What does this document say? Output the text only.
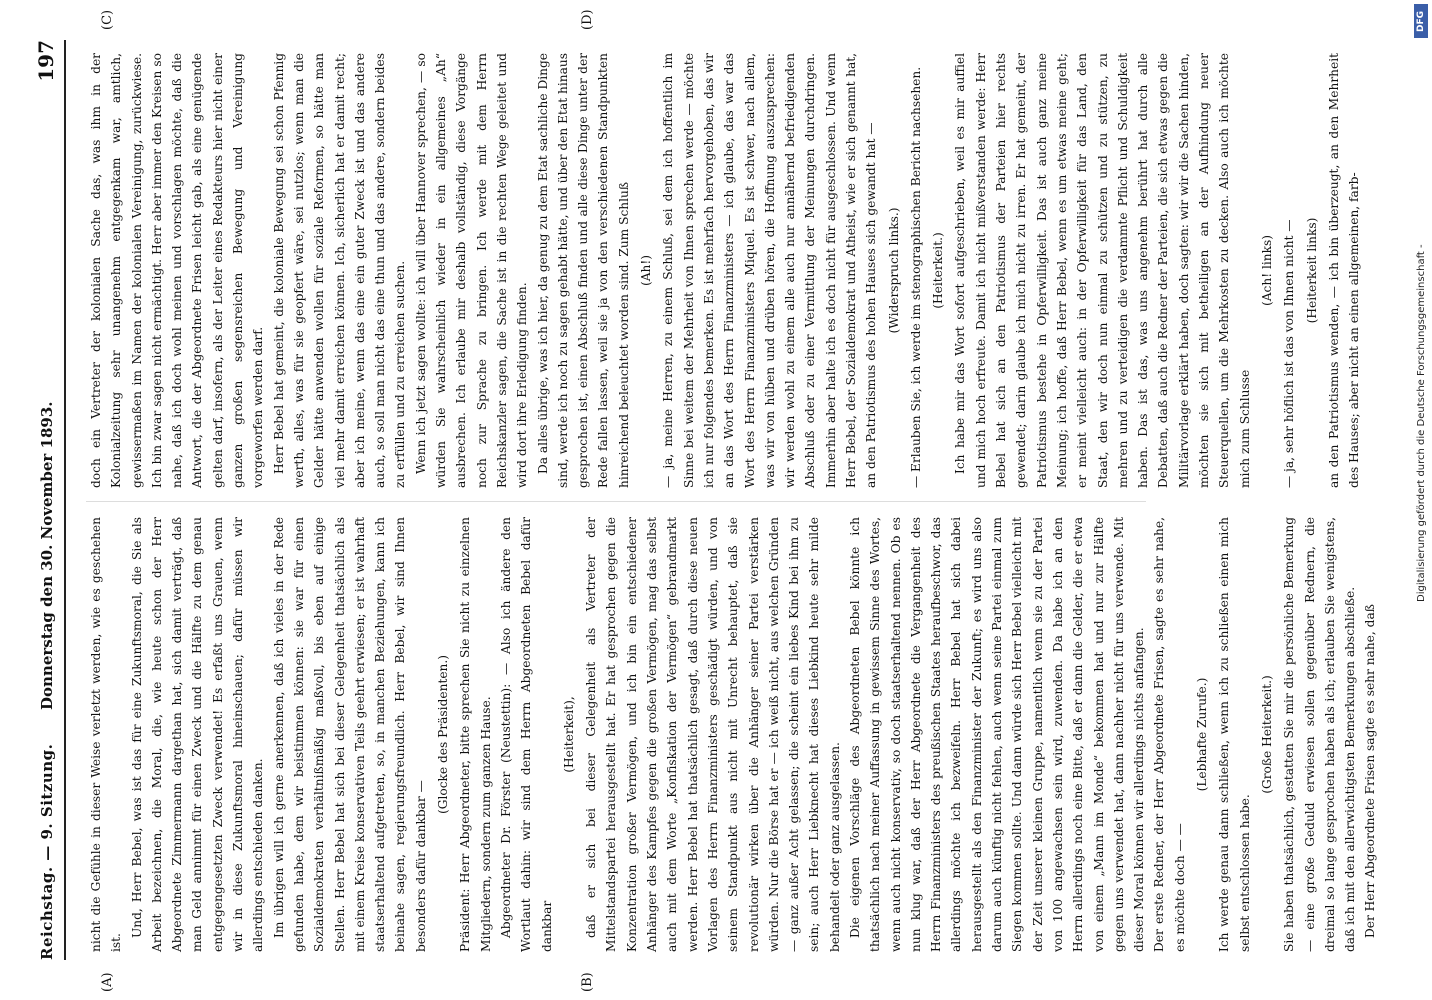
Reichstag. — 9. Sitzung.
Donnerstag den 30. November 1893.
197
(A)	(B)
(C)	(D)

nicht die Gefühle in dieser Weise verletzt werden, wie es geschehen ist.

Und, Herr Bebel, was ist das für eine Zukunftsmoral, die Sie als Arbeit bezeichnen, die Moral, die, wie heute schon der Herr Abgeordnete Zimmermann dargethan hat, sich damit verträgt, daß man Geld annimmt für einen Zweck und die Hälfte zu dem genau entgegengesetzten Zweck verwendet! Es erfaßt uns Grauen, wenn wir in diese Zukunftsmoral hineinschauen; dafür müssen wir allerdings entschieden danken. Im übrigen will ich gerne anerkennen, daß ich vieles in der Rede gefunden habe, dem wir beistimmen können: sie war für einen Sozialdemokraten verhältnißmäßig maßvoll, bis eben auf einige Stellen. Herr Bebel hat sich bei dieser Gelegenheit thatsächlich als mit einem Kreise konservativen Teils geehrt erwiesen; er ist wahrhaft staatserhaltend aufgetreten, so, in manchen Beziehungen, kann ich beinahe sagen, regierungsfreundlich. Herr Bebel, wir sind Ihnen besonders dafür dankbar —

(Glocke des Präsidenten.) Präsident: Herr Abgeordneter, bitte sprechen Sie nicht zu einzelnen Mitgliedern, sondern zum ganzen Hause. Abgeordneter Dr. Förster (Neustettin): — Also ich ändere den Wortlaut dahin: wir sind dem Herrn Abgeordneten Bebel dafür dankbar

(Heiterkeit), daß er sich bei dieser Gelegenheit als Vertreter der Mittelstandspartei herausgestellt hat. Er hat gesprochen gegen die Konzentration großer Vermögen, und ich bin ein entschiedener Anhänger des Kampfes gegen die großen Vermögen, mag das selbst auch mit dem Worte „Konfiskation der Vermögen“ gebrandmarkt werden. Herr Bebel hat thatsächlich gesagt, daß durch diese neuen Vorlagen des Herrn Finanzministers geschädigt würden, und von seinem Standpunkt aus nicht mit Unrecht behauptet, daß sie revolutionär wirken über die Anhänger seiner Partei verstärken würden. Nur die Börse hat er — ich weiß nicht, aus welchen Gründen — ganz außer Acht gelassen; die scheint ein liebes Kind bei ihm zu sein; auch Herr Liebknecht hat dieses Liebkind heute sehr milde behandelt oder ganz ausgelassen. Die eigenen Vorschläge des Abgeordneten Bebel könnte ich thatsächlich nach meiner Auffassung in gewissem Sinne des Wortes, wenn auch nicht konservativ, so doch staatserhaltend nennen. Ob es nun klug war, daß der Herr Abgeordnete die Vergangenheit des Herrn Finanzministers des preußischen Staates heraufbeschwor, das allerdings möchte ich bezweifeln. Herr Bebel hat sich dabei herausgestellt als den Finanzminister der Zukunft; es wird uns also darum auch künftig nicht fehlen, auch wenn seine Partei einmal zum Siegen kommen sollte. Und dann würde sich Herr Bebel vielleicht mit der Zeit unserer kleinen Gruppe, namentlich wenn sie zu der Partei von 100 angewachsen sein wird, zuwenden. Da habe ich an den Herrn allerdings noch eine Bitte, daß er dann die Gelder, die er etwa von einem „Mann im Monde“ bekommen hat und nur zur Hälfte gegen uns verwendet hat, dann nachher nicht für uns verwende. Mit dieser Moral können wir allerdings nichts anfangen. Der erste Redner, der Herr Abgeordnete Frisen, sagte es sehr nahe, es möchte doch — —

(Lebhafte Zurufe.) Ich werde genau dann schließen, wenn ich zu schließen einen mich selbst entschlossen habe.

(Große Heiterkeit.) Sie haben thatsächlich, gestatten Sie mir die persönliche Bemerkung — eine große Geduld erwiesen sollen gegenüber Rednern, die dreimal so lange gesprochen haben als ich; erlauben Sie wenigstens, daß ich mit den allerwichtigsten Bemerkungen abschließe. Der Herr Abgeordnete Frisen sagte es sehr nahe, daß

doch ein Vertreter der kolonialen Sache das, was ihm in der Kolonialzeitung sehr unangenehm entgegenkam war, amtlich, gewissermaßen im Namen der kolonialen Vereinigung, zurückwiese. Ich bin zwar sagen nicht ermächtigt. Herr aber immer den Kreisen so nahe, daß ich doch wohl meinen und vorschlagen möchte, daß die Antwort, die der Abgeordnete Frisen leicht gab, als eine genügende gelten darf, insofern, als der Leiter eines Redakteurs hier nicht einer ganzen großen segensreichen Bewegung und Vereinigung vorgeworfen werden darf. Herr Bebel hat gemeint, die koloniale Bewegung sei schon Pfennig werth, alles, was für sie geopfert wäre, sei nutzlos; wenn man die Gelder hätte anwenden wollen für soziale Reformen, so hätte man viel mehr damit erreichen können. Ich, sicherlich hat er damit recht; aber ich meine, wenn das eine ein guter Zweck ist und das andere auch, so soll man nicht das eine thun und das andere, sondern beides zu erfüllen und zu erreichen suchen. Wenn ich jetzt sagen wollte: ich will über Hannover sprechen, — so würden Sie wahrscheinlich wieder in ein allgemeines „Ah“ ausbrechen. Ich erlaube mir deshalb vollständig, diese Vorgänge noch zur Sprache zu bringen. Ich werde mit dem Herrn Reichskanzler sagen, die Sache ist in die rechten Wege geleitet und wird dort ihre Erledigung finden. Da alles übrige, was ich hier, da genug zu dem Etat sachliche Dinge sind, werde ich noch zu sagen gehabt hätte, und über den Etat hinaus gesprochen ist, einen Abschluß finden und alle diese Dinge unter der Rede fallen lassen, weil sie ja von den verschiedenen Standpunkten hinreichend beleuchtet worden sind. Zum Schluß (Ah!) — ja, meine Herren, zu einem Schluß, sei dem ich hoffentlich im Sinne bei weitem der Mehrheit von Ihnen sprechen werde — möchte ich nur folgendes bemerken. Es ist mehrfach hervorgehoben, das wir an das Wort des Herrn Finanzministers — ich glaube, das war das Wort des Herrn Finanzministers Miquel. Es ist schwer, nach allem, was wir von hüben und drüben hören, die Hoffnung auszusprechen: wir werden wohl zu einem alle auch nur annähernd befriedigenden Abschluß oder zu einer Vermittlung der Meinungen durchdringen. Immerhin aber halte ich es doch nicht für ausgeschlossen. Und wenn Herr Bebel, der Sozialdemokrat und Atheist, wie er sich genannt hat, an den Patriotismus des hohen Hauses sich gewandt hat — (Widerspruch links.) — Erlauben Sie, ich werde im stenographischen Bericht nachsehen. (Heiterkeit.) Ich habe mir das Wort sofort aufgeschrieben, weil es mir auffiel und mich hoch erfreute. Damit ich nicht mißverstanden werde: Herr Bebel hat sich an den Patriotismus der Parteien hier rechts gewendet; darin glaube ich mich nicht zu irren. Er hat gemeint, der Patriotismus bestehe in Opferwilligkeit. Das ist auch ganz meine Meinung; ich hoffe, daß Herr Bebel, wenn es um etwas meine geht; er meint vielleicht auch: in der Opferwilligkeit für das Land, den Staat, den wir doch nun einmal zu schützen und zu stützen, zu mehren und zu verteidigen die verdammte Pflicht und Schuldigkeit haben. Das ist das, was uns angenehm berührt hat durch alle Debatten, daß auch die Redner der Parteien, die sich etwas gegen die Militärvorlage erklärt haben, doch sagten: wir wir die Sachen hinden, möchten sie sich mit betheiligen an der Aufhindung neuer Steuerquellen, um die Mehrkosten zu decken. Also auch ich möchte mich zum Schlusse

(Ach! links) — ja, sehr höflich ist das von Ihnen nicht — (Heiterkeit links) an den Patriotismus wenden, — ich bin überzeugt, an den Mehrheit des Hauses; aber nicht an einen allgemeinen, farb-

DFG
Digitalisierung gefördert durch die Deutsche Forschungsgemeinschaft -
